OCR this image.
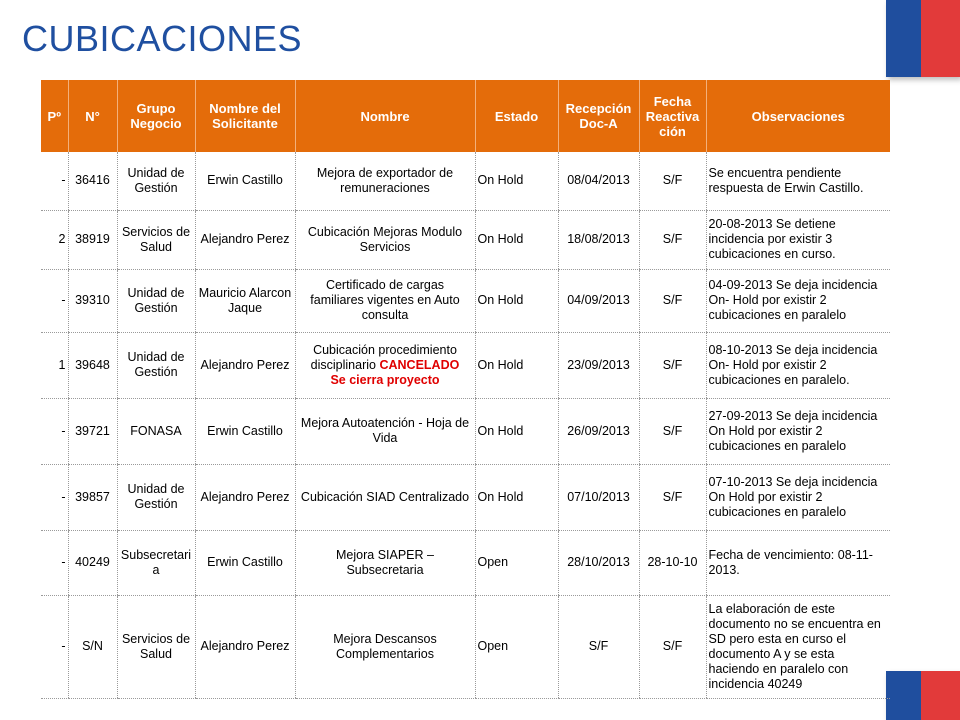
CUBICACIONES
Pº	N°	Grupo Negocio	Nombre del Solicitante	Nombre	Estado	Recepción Doc-A	Fecha Reactiva ción	Observaciones
-	36416	Unidad de Gestión	Erwin Castillo	Mejora de exportador de remuneraciones	On Hold	08/04/2013	S/F	Se encuentra pendiente respuesta de Erwin Castillo.
2	38919	Servicios de Salud	Alejandro Perez	Cubicación Mejoras Modulo Servicios	On Hold	18/08/2013	S/F	20-08-2013 Se detiene incidencia por existir 3 cubicaciones en curso.
-	39310	Unidad de Gestión	Mauricio Alarcon Jaque	Certificado de cargas familiares vigentes en Auto consulta	On Hold	04/09/2013	S/F	04-09-2013 Se deja incidencia On- Hold por existir 2 cubicaciones en paralelo
1	39648	Unidad de Gestión	Alejandro Perez	Cubicación procedimiento disciplinario CANCELADO
Se cierra proyecto	On Hold	23/09/2013	S/F	08-10-2013 Se deja incidencia On- Hold por existir 2 cubicaciones en paralelo.
-	39721	FONASA	Erwin Castillo	Mejora Autoatención - Hoja de Vida	On Hold	26/09/2013	S/F	27-09-2013 Se deja incidencia On Hold por existir 2 cubicaciones en paralelo
-	39857	Unidad de Gestión	Alejandro Perez	Cubicación SIAD Centralizado	On Hold	07/10/2013	S/F	07-10-2013 Se deja incidencia On Hold por existir 2 cubicaciones en paralelo
-	40249	Subsecretari a	Erwin Castillo	Mejora SIAPER – Subsecretaria	Open	28/10/2013	28-10-10	Fecha de vencimiento: 08-11-2013.
-	S/N	Servicios de Salud	Alejandro Perez	Mejora Descansos Complementarios	Open	S/F	S/F	La elaboración de este documento no se encuentra en SD pero esta en curso el documento A y se esta haciendo en paralelo con incidencia 40249
